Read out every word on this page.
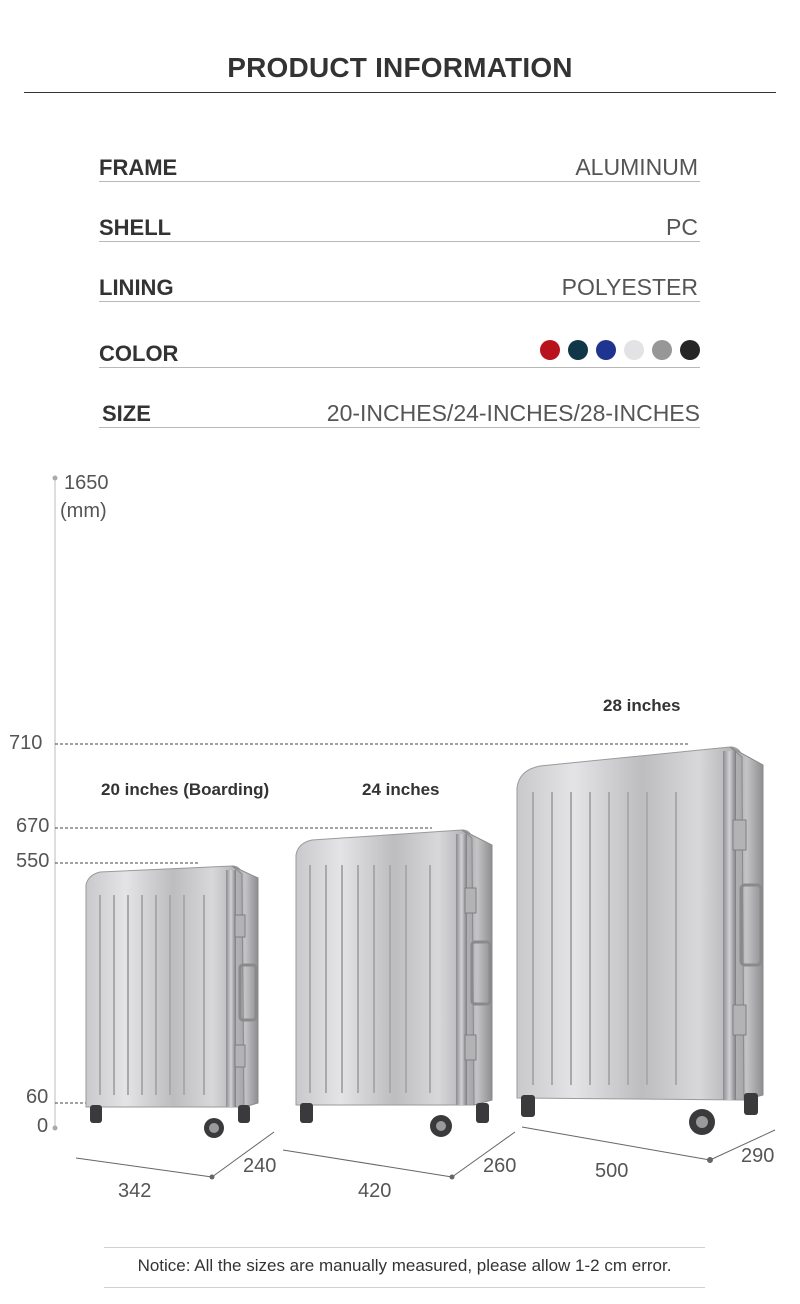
PRODUCT INFORMATION
FRAME	ALUMINUM
SHELL	PC
LINING	POLYESTER
COLOR
SIZE	20-INCHES/24-INCHES/28-INCHES
1650
(mm)
710
670
550
60
0
20 inches (Boarding)	24 inches
28 inches
342
240
420
260	500
290
Notice: All the sizes are manually measured, please allow 1-2 cm error.
